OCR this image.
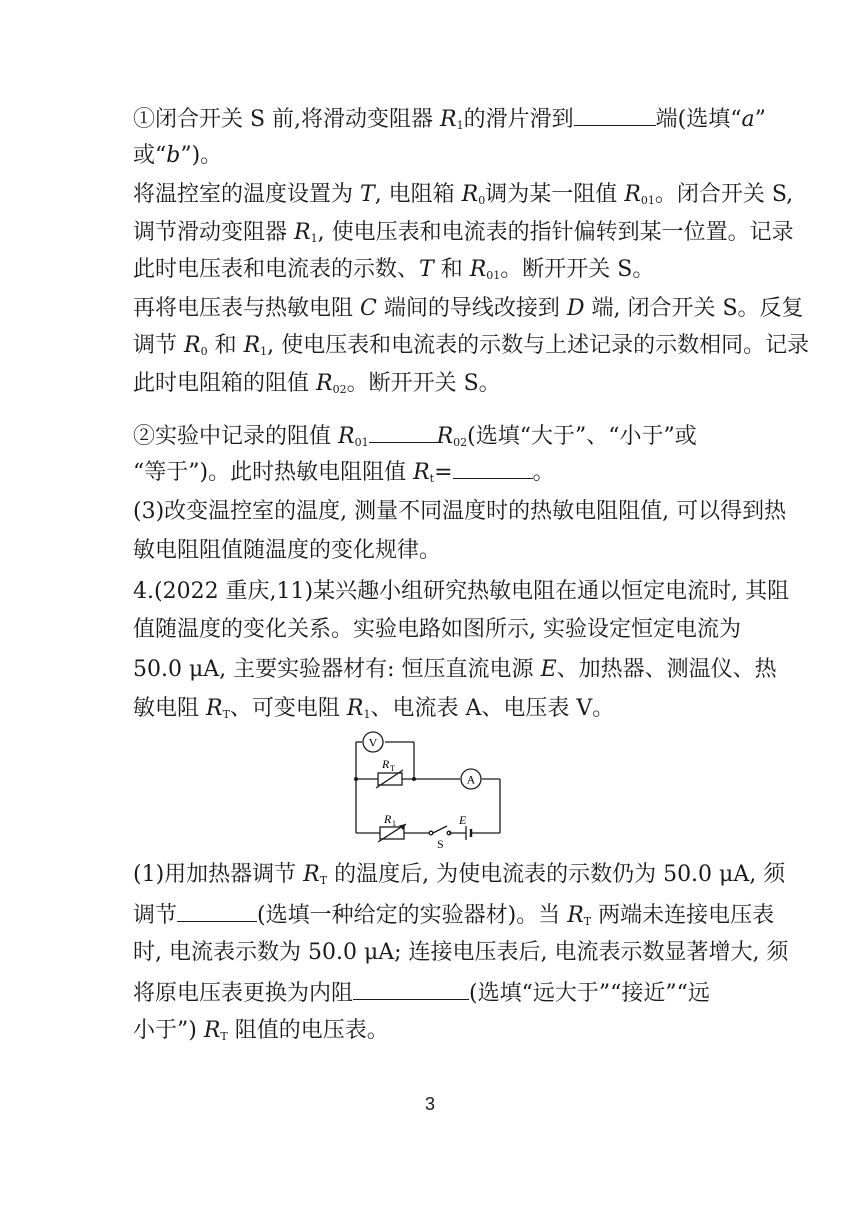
①闭合开关 S 前,将滑动变阻器 $R_1$的滑片滑到	端(选填“a”
或“b”)。
将温控室的温度设置为 T, 电阻箱 $R_0$调为某一阻值 $R_{01}$。闭合开关 S,
调节滑动变阻器 $R_1$, 使电压表和电流表的指针偏转到某一位置。记录
此时电压表和电流表的示数、T 和 $R_{01}$。断开开关 S。
再将电压表与热敏电阻 C 端间的导线改接到 D 端, 闭合开关 S。反复
调节 $R_0$ 和 $R_1$, 使电压表和电流表的示数与上述记录的示数相同。记录
此时电阻箱的阻值 $R_{02}$。断开开关 S。
②实验中记录的阻值 $R_{01}$	$R_{02}$(选填“大于”、“小于”或
“等于”)。此时热敏电阻阻值 $R_t=$	。
(3)改变温控室的温度, 测量不同温度时的热敏电阻阻值, 可以得到热
敏电阻阻值随温度的变化规律。
4.(2022 重庆,11)某兴趣小组研究热敏电阻在通以恒定电流时, 其阻
值随温度的变化关系。实验电路如图所示, 实验设定恒定电流为
50.0 μA, 主要实验器材有: 恒压直流电源 E、加热器、测温仪、热
敏电阻 $R_T$、可变电阻 $R_1$、电流表 A、电压表 V。
V
A
R T
R 1
S
E
(1)用加热器调节 $R_T$ 的温度后, 为使电流表的示数仍为 50.0 μA, 须
调节	(选填一种给定的实验器材)。当 $R_T$ 两端未连接电压表
时, 电流表示数为 50.0 μA; 连接电压表后, 电流表示数显著增大, 须
将原电压表更换为内阻	(选填“远大于”“接近”“远
小于”) $R_T$ 阻值的电压表。
3
